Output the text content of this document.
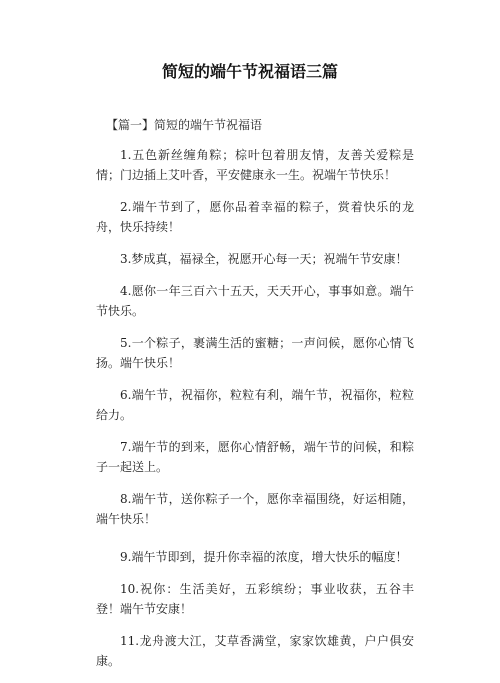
简短的端午节祝福语三篇

【篇一】简短的端午节祝福语

1.五色新丝缠角粽；棕叶包着朋友情，友善关爱粽是情；门边插上艾叶香，平安健康永一生。祝端午节快乐！

2.端午节到了，愿你品着幸福的粽子，赏着快乐的龙舟，快乐持续！

3.梦成真，福禄全，祝愿开心每一天；祝端午节安康！

4.愿你一年三百六十五天，天天开心，事事如意。端午节快乐。

5.一个粽子，裹满生活的蜜糖；一声问候，愿你心情飞扬。端午快乐！

6.端午节，祝福你，粒粒有利，端午节，祝福你，粒粒给力。

7.端午节的到来，愿你心情舒畅，端午节的问候，和粽子一起送上。

8.端午节，送你粽子一个，愿你幸福围绕，好运相随，端午快乐！

9.端午节即到，提升你幸福的浓度，增大快乐的幅度！

10.祝你：生活美好，五彩缤纷；事业收获，五谷丰登！端午节安康！

11.龙舟渡大江，艾草香满堂，家家饮雄黄，户户俱安康。
